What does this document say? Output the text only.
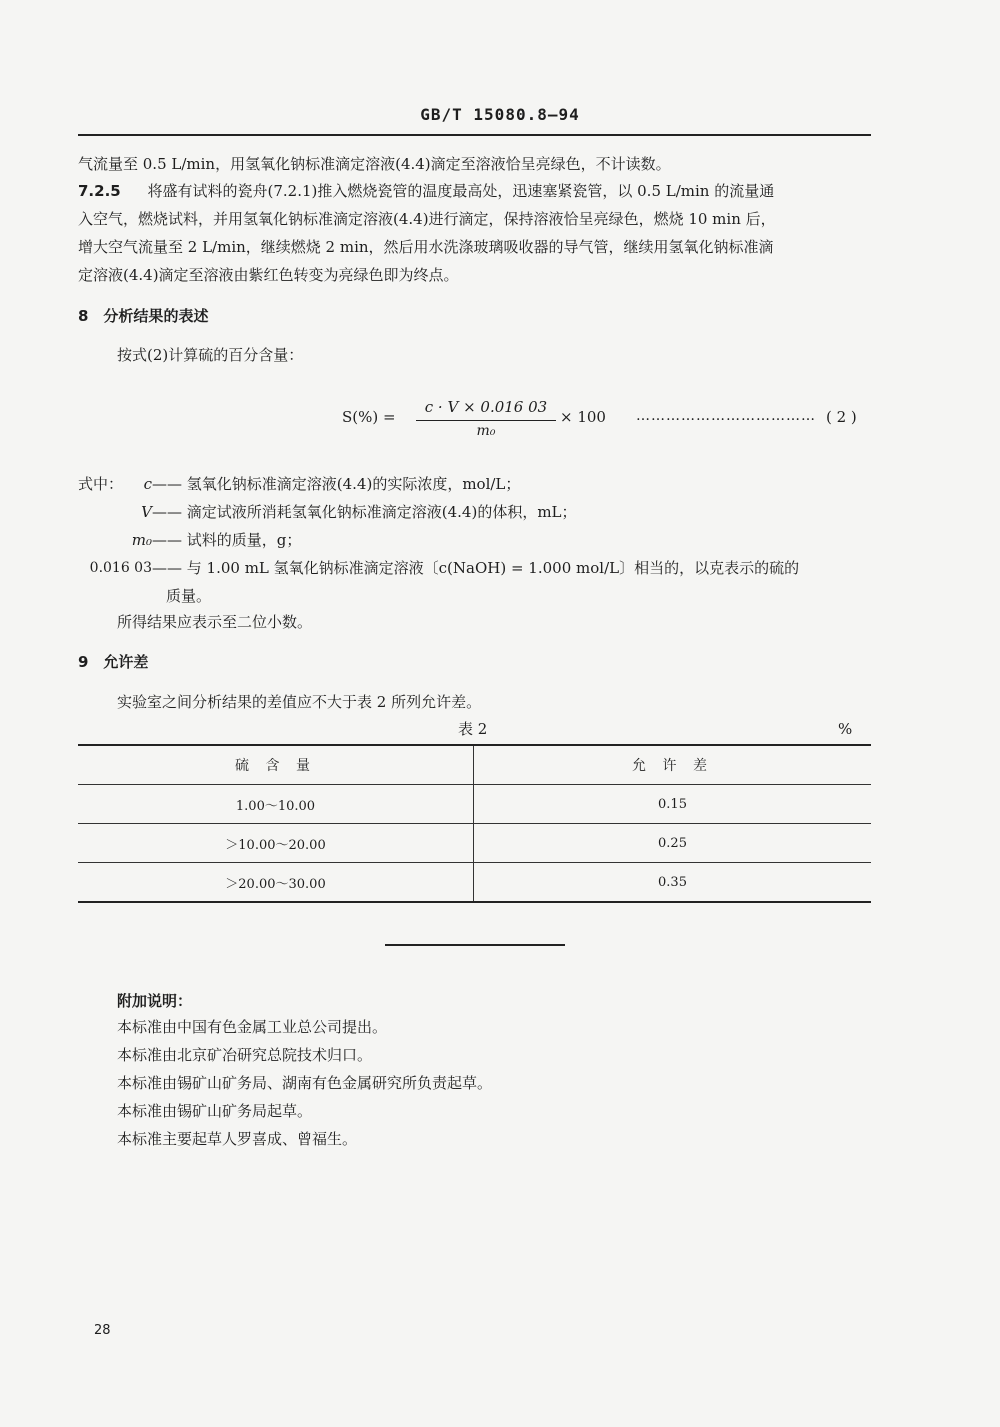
GB/T 15080.8—94
气流量至 0.5 L/min，用氢氧化钠标准滴定溶液(4.4)滴定至溶液恰呈亮绿色，不计读数。
7.2.5 将盛有试料的瓷舟(7.2.1)推入燃烧瓷管的温度最高处，迅速塞紧瓷管，以 0.5 L/min 的流量通
入空气，燃烧试料，并用氢氧化钠标准滴定溶液(4.4)进行滴定，保持溶液恰呈亮绿色，燃烧 10 min 后，
增大空气流量至 2 L/min，继续燃烧 2 min，然后用水洗涤玻璃吸收器的导气管，继续用氢氧化钠标准滴
定溶液(4.4)滴定至溶液由紫红色转变为亮绿色即为终点。
8　分析结果的表述
按式(2)计算硫的百分含量：
S(%) =
c · V × 0.016 03
m₀
× 100 ……………………………… ( 2 )
式中：	c —— 氢氧化钠标准滴定溶液(4.4)的实际浓度，mol/L；
V —— 滴定试液所消耗氢氧化钠标准滴定溶液(4.4)的体积，mL；
m₀ —— 试料的质量，g；
0.016 03 —— 与 1.00 mL 氢氧化钠标准滴定溶液〔c(NaOH) = 1.000 mol/L〕相当的，以克表示的硫的
质量。
所得结果应表示至二位小数。
9　允许差
实验室之间分析结果的差值应不大于表 2 所列允许差。
表 2	%
硫 含 量	允 许 差
1.00～10.00	0.15
＞10.00～20.00	0.25
＞20.00～30.00	0.35
附加说明：
本标准由中国有色金属工业总公司提出。
本标准由北京矿冶研究总院技术归口。
本标准由锡矿山矿务局、湖南有色金属研究所负责起草。
本标准由锡矿山矿务局起草。
本标准主要起草人罗喜成、曾福生。
28
